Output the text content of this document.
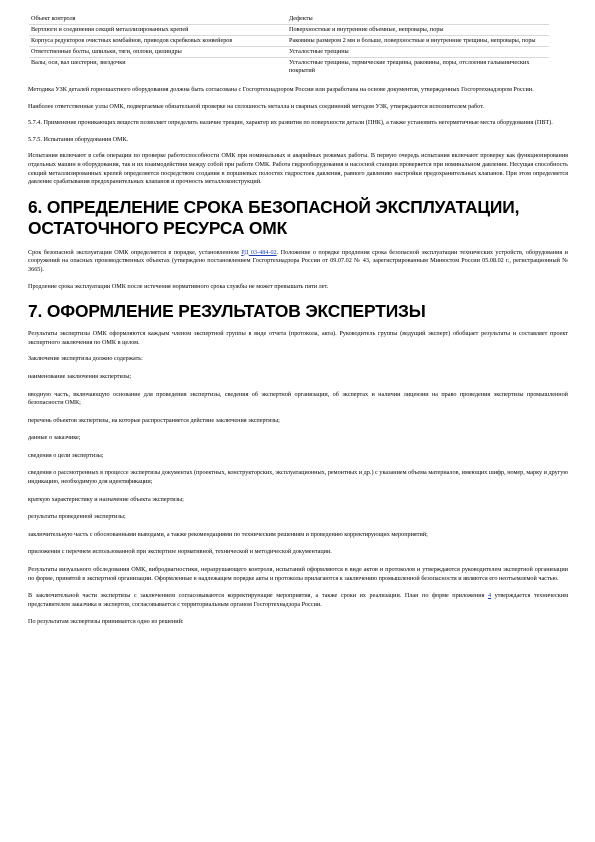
Объект контроля	Дефекты
Вертлюги и соединения секций металлизированных крепей	Поверхностные и внутренние объемные, непровары, поры
Корпуса редукторов очистных комбайнов, приводов скребковых конвейеров	Раковины размером 2 мм и больше, поверхностные и внутренние трещины, непровары, поры
Ответственные болты, шпильки, тяги, оплоки, цилиндры	Усталостные трещины
Валы, оси, вал шестерни, звездочки	Усталостные трещины, термические трещины, раковины, поры, отслоения гальванических покрытий

Методика УЗК деталей горношахтного оборудования должна быть согласована с Госгортехнадзором России или разработана на основе документов, утвержденных Госгортехнадзором России.

Наиболее ответственные узлы ОМК, подвергаемые обязательной проверке на сплошность металла и сварных соединений методом УЗК, утверждаются исполнителем работ.

5.7.4. Применение проникающих веществ позволяет определить наличие трещин, характер их развития по поверхности детали (ПНК), а также установить негерметичные места оборудования (ПВТ).

5.7.5. Испытания оборудования ОМК.

Испытания включают в себя операции по проверке работоспособности ОМК при номинальных и аварийных режимах работы. В первую очередь испытания включают проверку как функционирования отдельных машин и оборудования, так и их взаимодействия между собой при работе ОМК. Работа гидрооборудования и насосной станции проверяется при номинальном давлении. Несущая способность секций металлизированных крепей определяется посредством создания в поршневых полостях гидростоек давления, равного давлению настройки предохранительных клапанов. При этом определяется давление срабатывания предохранительных клапанов и прочность металлоконструкций.

6. ОПРЕДЕЛЕНИЕ СРОКА БЕЗОПАСНОЙ ЭКСПЛУАТАЦИИ, ОСТАТОЧНОГО РЕСУРСА ОМК

Срок безопасной эксплуатации ОМК определяется в порядке, установленном РД 03-484-02. Положение о порядке продления срока безопасной эксплуатации технических устройств, оборудования и сооружений на опасных производственных объектах (утверждено постановлением Госгортехнадзора России от 09.07.02 № 43, зарегистрированным Минюстом России 05.08.02 г., регистрационный № 3665).

Продление срока эксплуатации ОМК после истечения нормативного срока службы не может превышать пяти лет.

7. ОФОРМЛЕНИЕ РЕЗУЛЬТАТОВ ЭКСПЕРТИЗЫ

Результаты экспертизы ОМК оформляются каждым членом экспертной группы в виде отчета (протокола, акта). Руководитель группы (ведущий эксперт) обобщает результаты и составляет проект экспертного заключения по ОМК в целом.

Заключение экспертизы должно содержать:

наименование заключения экспертизы;

вводную часть, включающую основание для проведения экспертизы, сведения об экспертной организации, об экспертах и наличии лицензии на право проведения экспертизы промышленной безопасности ОМК;

перечень объектов экспертизы, на которые распространяется действие заключения экспертизы;

данные о заказчике;

сведения о цели экспертизы;

сведения о рассмотренных в процессе экспертизы документах (проектных, конструкторских, эксплуатационных, ремонтных и др.) с указанием объема материалов, имеющих шифр, номер, марку и другую индикацию, необходимую для идентификации;

краткую характеристику и назначение объекта экспертизы;

результаты проведенной экспертизы;

заключительную часть с обоснованными выводами, а также рекомендациями по техническим решениям и проведению корректирующих мероприятий;

приложения с перечнем использованной при экспертизе нормативной, технической и методической документации.

Результаты визуального обследования ОМК, вибродиагностики, неразрушающего контроля, испытаний оформляются в виде актов и протоколов и утверждаются руководителем экспертной организации по форме, принятой в экспертной организации. Оформленные в надлежащем порядке акты и протоколы прилагаются к заключению промышленной безопасности и являются его неотъемлемой частью.

В заключительной части экспертизы с заключением согласовываются корректирующие мероприятия, а также сроки их реализации. План по форме приложения 4 утверждается техническим представителем заказчика и экспертов, согласовывается с территориальным органом Госгортехнадзора России.

По результатам экспертизы принимается одно из решений:
